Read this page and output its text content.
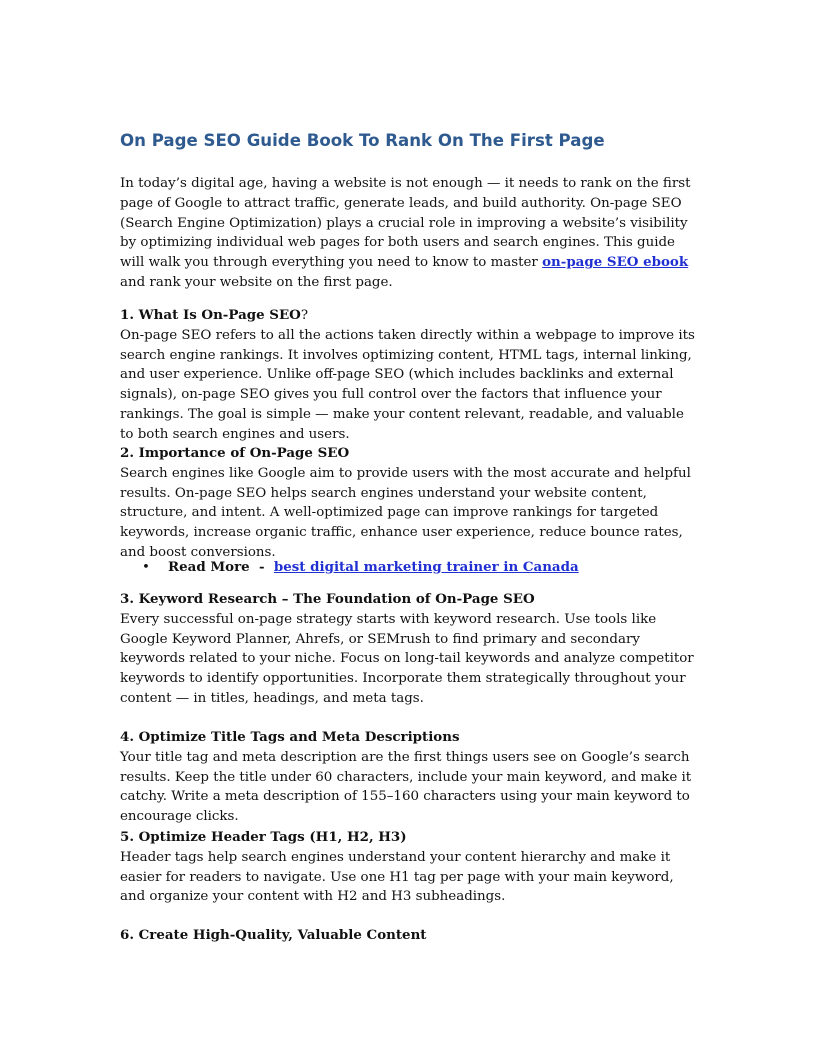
On Page SEO Guide Book To Rank On The First Page

In today’s digital age, having a website is not enough — it needs to rank on the first page of Google to attract traffic, generate leads, and build authority. On-page SEO (Search Engine Optimization) plays a crucial role in improving a website’s visibility by optimizing individual web pages for both users and search engines. This guide will walk you through everything you need to know to master on-page SEO ebook and rank your website on the first page.

1. What Is On-Page SEO?
On-page SEO refers to all the actions taken directly within a webpage to improve its search engine rankings. It involves optimizing content, HTML tags, internal linking, and user experience. Unlike off-page SEO (which includes backlinks and external signals), on-page SEO gives you full control over the factors that influence your rankings. The goal is simple — make your content relevant, readable, and valuable to both search engines and users.
2. Importance of On-Page SEO
Search engines like Google aim to provide users with the most accurate and helpful results. On-page SEO helps search engines understand your website content, structure, and intent. A well-optimized page can improve rankings for targeted keywords, increase organic traffic, enhance user experience, reduce bounce rates, and boost conversions.

• Read More  -  best digital marketing trainer in Canada

3. Keyword Research – The Foundation of On-Page SEO
Every successful on-page strategy starts with keyword research. Use tools like Google Keyword Planner, Ahrefs, or SEMrush to find primary and secondary keywords related to your niche. Focus on long-tail keywords and analyze competitor keywords to identify opportunities. Incorporate them strategically throughout your content — in titles, headings, and meta tags.
4. Optimize Title Tags and Meta Descriptions
Your title tag and meta description are the first things users see on Google’s search results. Keep the title under 60 characters, include your main keyword, and make it catchy. Write a meta description of 155–160 characters using your main keyword to encourage clicks.
5. Optimize Header Tags (H1, H2, H3)
Header tags help search engines understand your content hierarchy and make it easier for readers to navigate. Use one H1 tag per page with your main keyword, and organize your content with H2 and H3 subheadings.
6. Create High-Quality, Valuable Content
